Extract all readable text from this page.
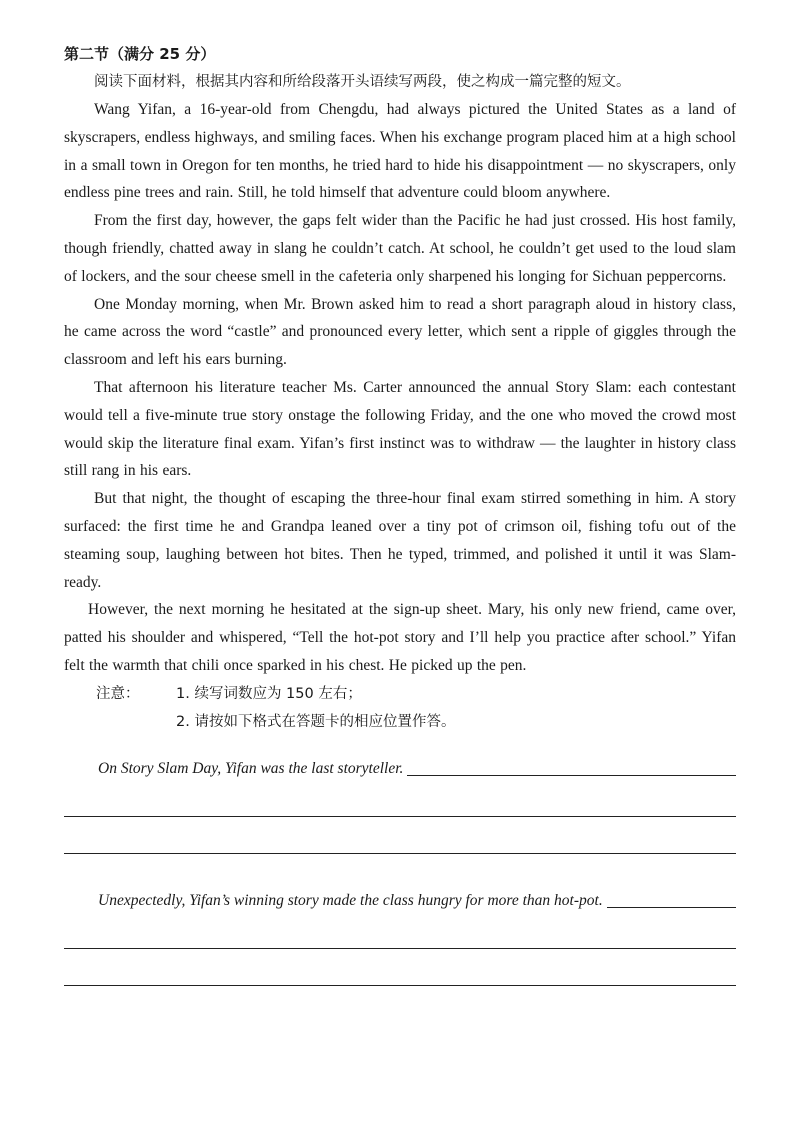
第二节（满分 25 分）

阅读下面材料，根据其内容和所给段落开头语续写两段，使之构成一篇完整的短文。

Wang Yifan, a 16-year-old from Chengdu, had always pictured the United States as a land of skyscrapers, endless highways, and smiling faces. When his exchange program placed him at a high school in a small town in Oregon for ten months, he tried hard to hide his disappointment — no skyscrapers, only endless pine trees and rain. Still, he told himself that adventure could bloom anywhere.

From the first day, however, the gaps felt wider than the Pacific he had just crossed. His host family, though friendly, chatted away in slang he couldn’t catch. At school, he couldn’t get used to the loud slam of lockers, and the sour cheese smell in the cafeteria only sharpened his longing for Sichuan peppercorns.

One Monday morning, when Mr. Brown asked him to read a short paragraph aloud in history class, he came across the word “castle” and pronounced every letter, which sent a ripple of giggles through the classroom and left his ears burning.

That afternoon his literature teacher Ms. Carter announced the annual Story Slam: each contestant would tell a five-minute true story onstage the following Friday, and the one who moved the crowd most would skip the literature final exam. Yifan’s first instinct was to withdraw — the laughter in history class still rang in his ears.

But that night, the thought of escaping the three-hour final exam stirred something in him. A story surfaced: the first time he and Grandpa leaned over a tiny pot of crimson oil, fishing tofu out of the steaming soup, laughing between hot bites. Then he typed, trimmed, and polished it until it was Slam-ready.

However, the next morning he hesitated at the sign-up sheet. Mary, his only new friend, came over, patted his shoulder and whispered, “Tell the hot-pot story and I’ll help you practice after school.” Yifan felt the warmth that chili once sparked in his chest. He picked up the pen.

注意：	1. 续写词数应为 150 左右；
2. 请按如下格式在答题卡的相应位置作答。
On Story Slam Day, Yifan was the last storyteller.
Unexpectedly, Yifan’s winning story made the class hungry for more than hot-pot.
